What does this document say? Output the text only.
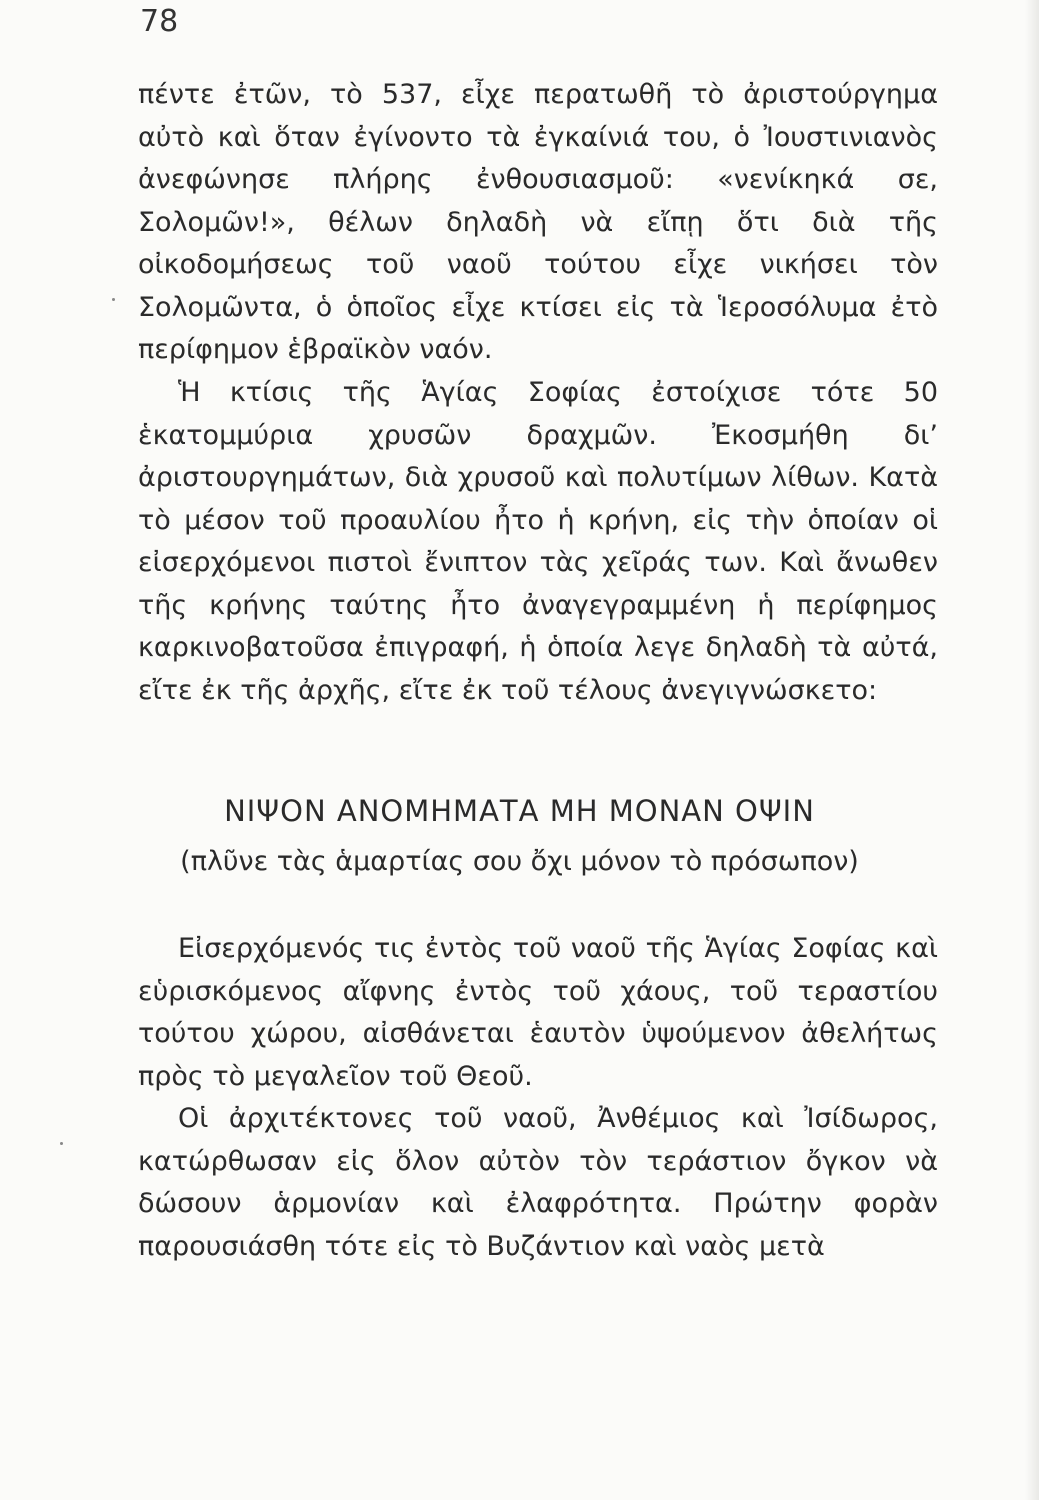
78

πέντε ἐτῶν, τὸ 537, εἶχε περατωθῆ τὸ ἀριστούργημα αὐτὸ καὶ ὅταν ἐγίνοντο τὰ ἐγκαίνιά του, ὁ Ἰουστινιανὸς ἀνεφώνησε πλήρης ἐνθουσιασμοῦ: «νενίκηκά σε, Σολομῶν!», θέλων δηλαδὴ νὰ εἴπῃ ὅτι διὰ τῆς οἰκοδομήσεως τοῦ ναοῦ τούτου εἶχε νικήσει τὸν Σολομῶντα, ὁ ὁποῖος εἶχε κτίσει εἰς τὰ Ἱεροσόλυμα ἐτὸ περίφημον ἑβραϊκὸν ναόν.

Ἡ κτίσις τῆς Ἁγίας Σοφίας ἐστοίχισε τότε 50 ἑκατομμύρια χρυσῶν δραχμῶν. Ἐκοσμήθη δι’ ἀριστουργημάτων, διὰ χρυσοῦ καὶ πολυτίμων λίθων. Κατὰ τὸ μέσον τοῦ προαυλίου ἦτο ἡ κρήνη, εἰς τὴν ὁποίαν οἱ εἰσερχόμενοι πιστοὶ ἔνιπτον τὰς χεῖράς των. Καὶ ἄνωθεν τῆς κρήνης ταύτης ἦτο ἀναγεγραμμένη ἡ περίφημος καρκινοβατοῦσα ἐπιγραφή, ἡ ὁποία λεγε δηλαδὴ τὰ αὐτά, εἴτε ἐκ τῆς ἀρχῆς, εἴτε ἐκ τοῦ τέλους ἀνεγιγνώσκετο:

ΝΙΨΟΝ ΑΝΟΜΗΜΑΤΑ ΜΗ ΜΟΝΑΝ ΟΨΙΝ
(πλῦνε τὰς ἁμαρτίας σου ὄχι μόνον τὸ πρόσωπον)

Εἰσερχόμενός τις ἐντὸς τοῦ ναοῦ τῆς Ἁγίας Σοφίας καὶ εὑρισκόμενος αἴφνης ἐντὸς τοῦ χάους, τοῦ τεραστίου τούτου χώρου, αἰσθάνεται ἑαυτὸν ὑψούμενον ἀθελήτως πρὸς τὸ μεγαλεῖον τοῦ Θεοῦ.

Οἱ ἀρχιτέκτονες τοῦ ναοῦ, Ἀνθέμιος καὶ Ἰσίδωρος, κατώρθωσαν εἰς ὅλον αὐτὸν τὸν τεράστιον ὄγκον νὰ δώσουν ἁρμονίαν καὶ ἐλαφρότητα. Πρώτην φορὰν παρουσιάσθη τότε εἰς τὸ Βυζάντιον καὶ ναὸς μετὰ
